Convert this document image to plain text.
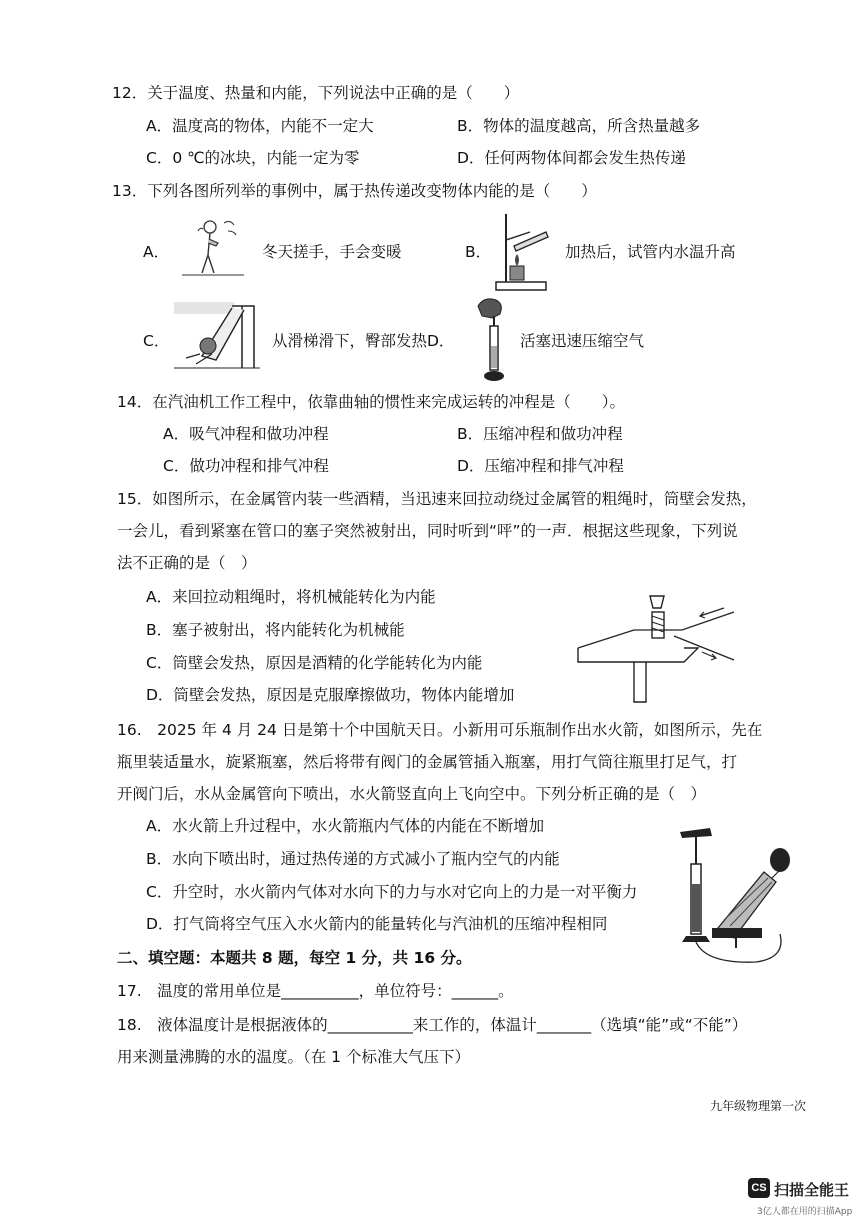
12．关于温度、热量和内能，下列说法中正确的是（　　）
A．温度高的物体，内能不一定大	B．物体的温度越高，所含热量越多
C．0 ℃的冰块，内能一定为零	D．任何两物体间都会发生热传递
13．下列各图所列举的事例中，属于热传递改变物体内能的是（　　）
A．	冬天搓手，手会变暖	B．	加热后，试管内水温升高
C．	从滑梯滑下，臀部发热D．	活塞迅速压缩空气
14．在汽油机工作工程中，依靠曲轴的惯性来完成运转的冲程是（　　）。
A．吸气冲程和做功冲程	B．压缩冲程和做功冲程
C．做功冲程和排气冲程	D．压缩冲程和排气冲程
15．如图所示，在金属管内装一些酒精，当迅速来回拉动绕过金属管的粗绳时，筒壁会发热，
一会儿，看到紧塞在管口的塞子突然被射出，同时听到“呯”的一声．根据这些现象，下列说
法不正确的是（　）
A．来回拉动粗绳时，将机械能转化为内能
B．塞子被射出，将内能转化为机械能
C．筒壁会发热，原因是酒精的化学能转化为内能
D．筒壁会发热，原因是克服摩擦做功，物体内能增加
16.　2025 年 4 月 24 日是第十个中国航天日。小新用可乐瓶制作出水火箭，如图所示，先在
瓶里装适量水，旋紧瓶塞，然后将带有阀门的金属管插入瓶塞，用打气筒往瓶里打足气，打
开阀门后，水从金属管向下喷出，水火箭竖直向上飞向空中。下列分析正确的是（　）
A．水火箭上升过程中，水火箭瓶内气体的内能在不断增加
B．水向下喷出时，通过热传递的方式减小了瓶内空气的内能
C．升空时，水火箭内气体对水向下的力与水对它向上的力是一对平衡力
D．打气筒将空气压入水火箭内的能量转化与汽油机的压缩冲程相同
二、填空题：本题共 8 题，每空 1 分，共 16 分。
17.　温度的常用单位是__________，单位符号：______。
18.　液体温度计是根据液体的___________来工作的，体温计_______（选填“能”或“不能”）
用来测量沸腾的水的温度。（在 1 个标准大气压下）
九年级物理第一次
CS 扫描全能王
3亿人都在用的扫描App
